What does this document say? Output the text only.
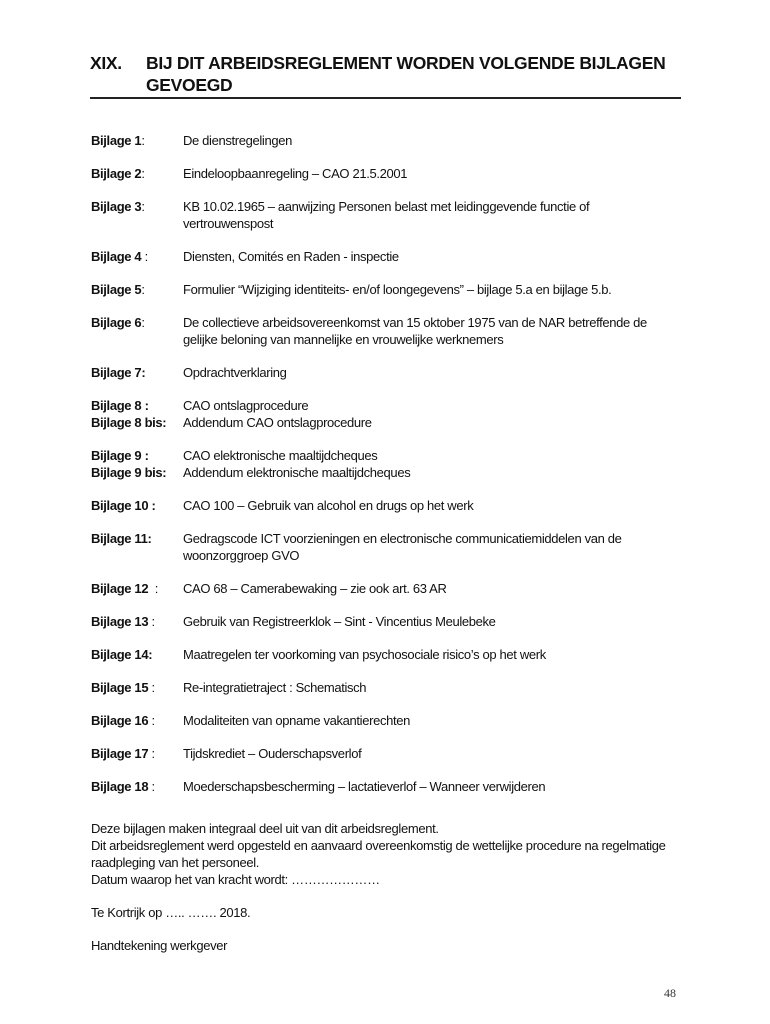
XIX.	BIJ DIT ARBEIDSREGLEMENT WORDEN VOLGENDE BIJLAGEN GEVOEGD
Bijlage 1:	De dienstregelingen
Bijlage 2:	Eindeloopbaanregeling – CAO 21.5.2001
Bijlage 3:	KB 10.02.1965 – aanwijzing Personen belast met leidinggevende functie of vertrouwenspost
Bijlage 4 :	Diensten, Comités en Raden - inspectie
Bijlage 5:	Formulier “Wijziging identiteits- en/of loongegevens” – bijlage 5.a en bijlage 5.b.
Bijlage 6:	De collectieve arbeidsovereenkomst van 15 oktober 1975 van de NAR betreffende de gelijke beloning van mannelijke en vrouwelijke werknemers
Bijlage 7:	Opdrachtverklaring
Bijlage 8 :	CAO ontslagprocedure
Bijlage 8 bis:	Addendum CAO ontslagprocedure
Bijlage 9 :	CAO elektronische maaltijdcheques
Bijlage 9 bis:	Addendum elektronische maaltijdcheques
Bijlage 10 :	CAO 100 – Gebruik van alcohol en drugs op het werk
Bijlage 11:	Gedragscode ICT voorzieningen en electronische communicatiemiddelen van de woonzorggroep GVO
Bijlage 12  :	CAO 68 – Camerabewaking – zie ook art. 63 AR
Bijlage 13 :	Gebruik van Registreerklok – Sint - Vincentius Meulebeke
Bijlage 14:	Maatregelen ter voorkoming van psychosociale risico’s op het werk
Bijlage 15 :	Re-integratietraject : Schematisch
Bijlage 16 :	Modaliteiten van opname vakantierechten
Bijlage 17 :	Tijdskrediet – Ouderschapsverlof
Bijlage 18 :	Moederschapsbescherming – lactatieverlof – Wanneer verwijderen

Deze bijlagen maken integraal deel uit van dit arbeidsreglement.

Dit arbeidsreglement werd opgesteld en aanvaard overeenkomstig de wettelijke procedure na regelmatige raadpleging van het personeel.

Datum waarop het van kracht wordt: …………………

Te Kortrijk op ….. ……. 2018.

Handtekening werkgever

48
